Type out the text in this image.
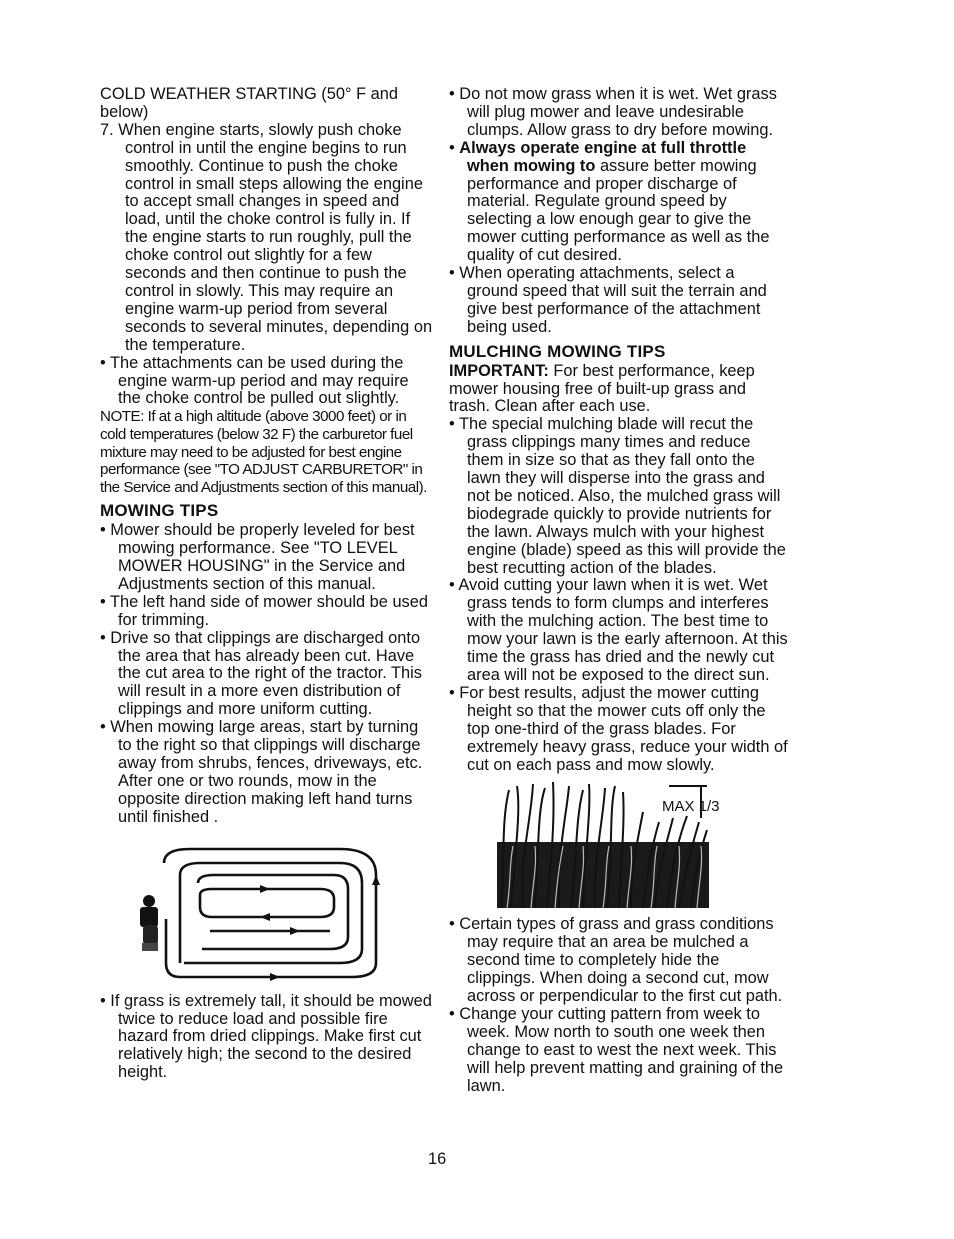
COLD WEATHER STARTING (50° F and below)

7. When engine starts, slowly push choke control in until the engine begins to run smoothly. Continue to push the choke control in small steps allowing the engine to accept small changes in speed and load, until the choke control is fully in. If the engine starts to run roughly, pull the choke control out slightly for a few seconds and then continue to push the control in slowly. This may require an engine warm-up period from several seconds to several minutes, depending on the temperature.

• The attachments can be used during the engine warm-up period and may require the choke control be pulled out slightly.

NOTE: If at a high altitude (above 3000 feet) or in cold temperatures (below 32 F) the carburetor fuel mixture may need to be adjusted for best engine performance (see "TO ADJUST CARBURETOR" in the Service and Adjustments section of this manual).

MOWING TIPS

• Mower should be properly leveled for best mowing performance. See "TO LEVEL MOWER HOUSING" in the Service and Adjustments section of this manual.

• The left hand side of mower should be used for trimming.

• Drive so that clippings are discharged onto the area that has already been cut. Have the cut area to the right of the tractor. This will result in a more even distribution of clippings and more uniform cutting.

• When mowing large areas, start by turning to the right so that clippings will discharge away from shrubs, fences, driveways, etc. After one or two rounds, mow in the opposite direction making left hand turns until finished .

• If grass is extremely tall, it should be mowed twice to reduce load and possible fire hazard from dried clippings. Make first cut relatively high; the second to the desired height.

• Do not mow grass when it is wet. Wet grass will plug mower and leave undesirable clumps. Allow grass to dry before mowing.

• Always operate engine at full throttle when mowing to assure better mowing performance and proper discharge of material. Regulate ground speed by selecting a low enough gear to give the mower cutting performance as well as the quality of cut desired.

• When operating attachments, select a ground speed that will suit the terrain and give best performance of the attachment being used.

MULCHING MOWING TIPS

IMPORTANT: For best performance, keep mower housing free of built-up grass and trash. Clean after each use.

• The special mulching blade will recut the grass clippings many times and reduce them in size so that as they fall onto the lawn they will disperse into the grass and not be noticed. Also, the mulched grass will biodegrade quickly to provide nutrients for the lawn. Always mulch with your highest engine (blade) speed as this will provide the best recutting action of the blades.

• Avoid cutting your lawn when it is wet. Wet grass tends to form clumps and interferes with the mulching action. The best time to mow your lawn is the early afternoon. At this time the grass has dried and the newly cut area will not be exposed to the direct sun.

• For best results, adjust the mower cutting height so that the mower cuts off only the top one-third of the grass blades. For extremely heavy grass, reduce your width of cut on each pass and mow slowly.

MAX 1/3

• Certain types of grass and grass conditions may require that an area be mulched a second time to completely hide the clippings. When doing a second cut, mow across or perpendicular to the first cut path.

• Change your cutting pattern from week to week. Mow north to south one week then change to east to west the next week. This will help prevent matting and graining of the lawn.

16
